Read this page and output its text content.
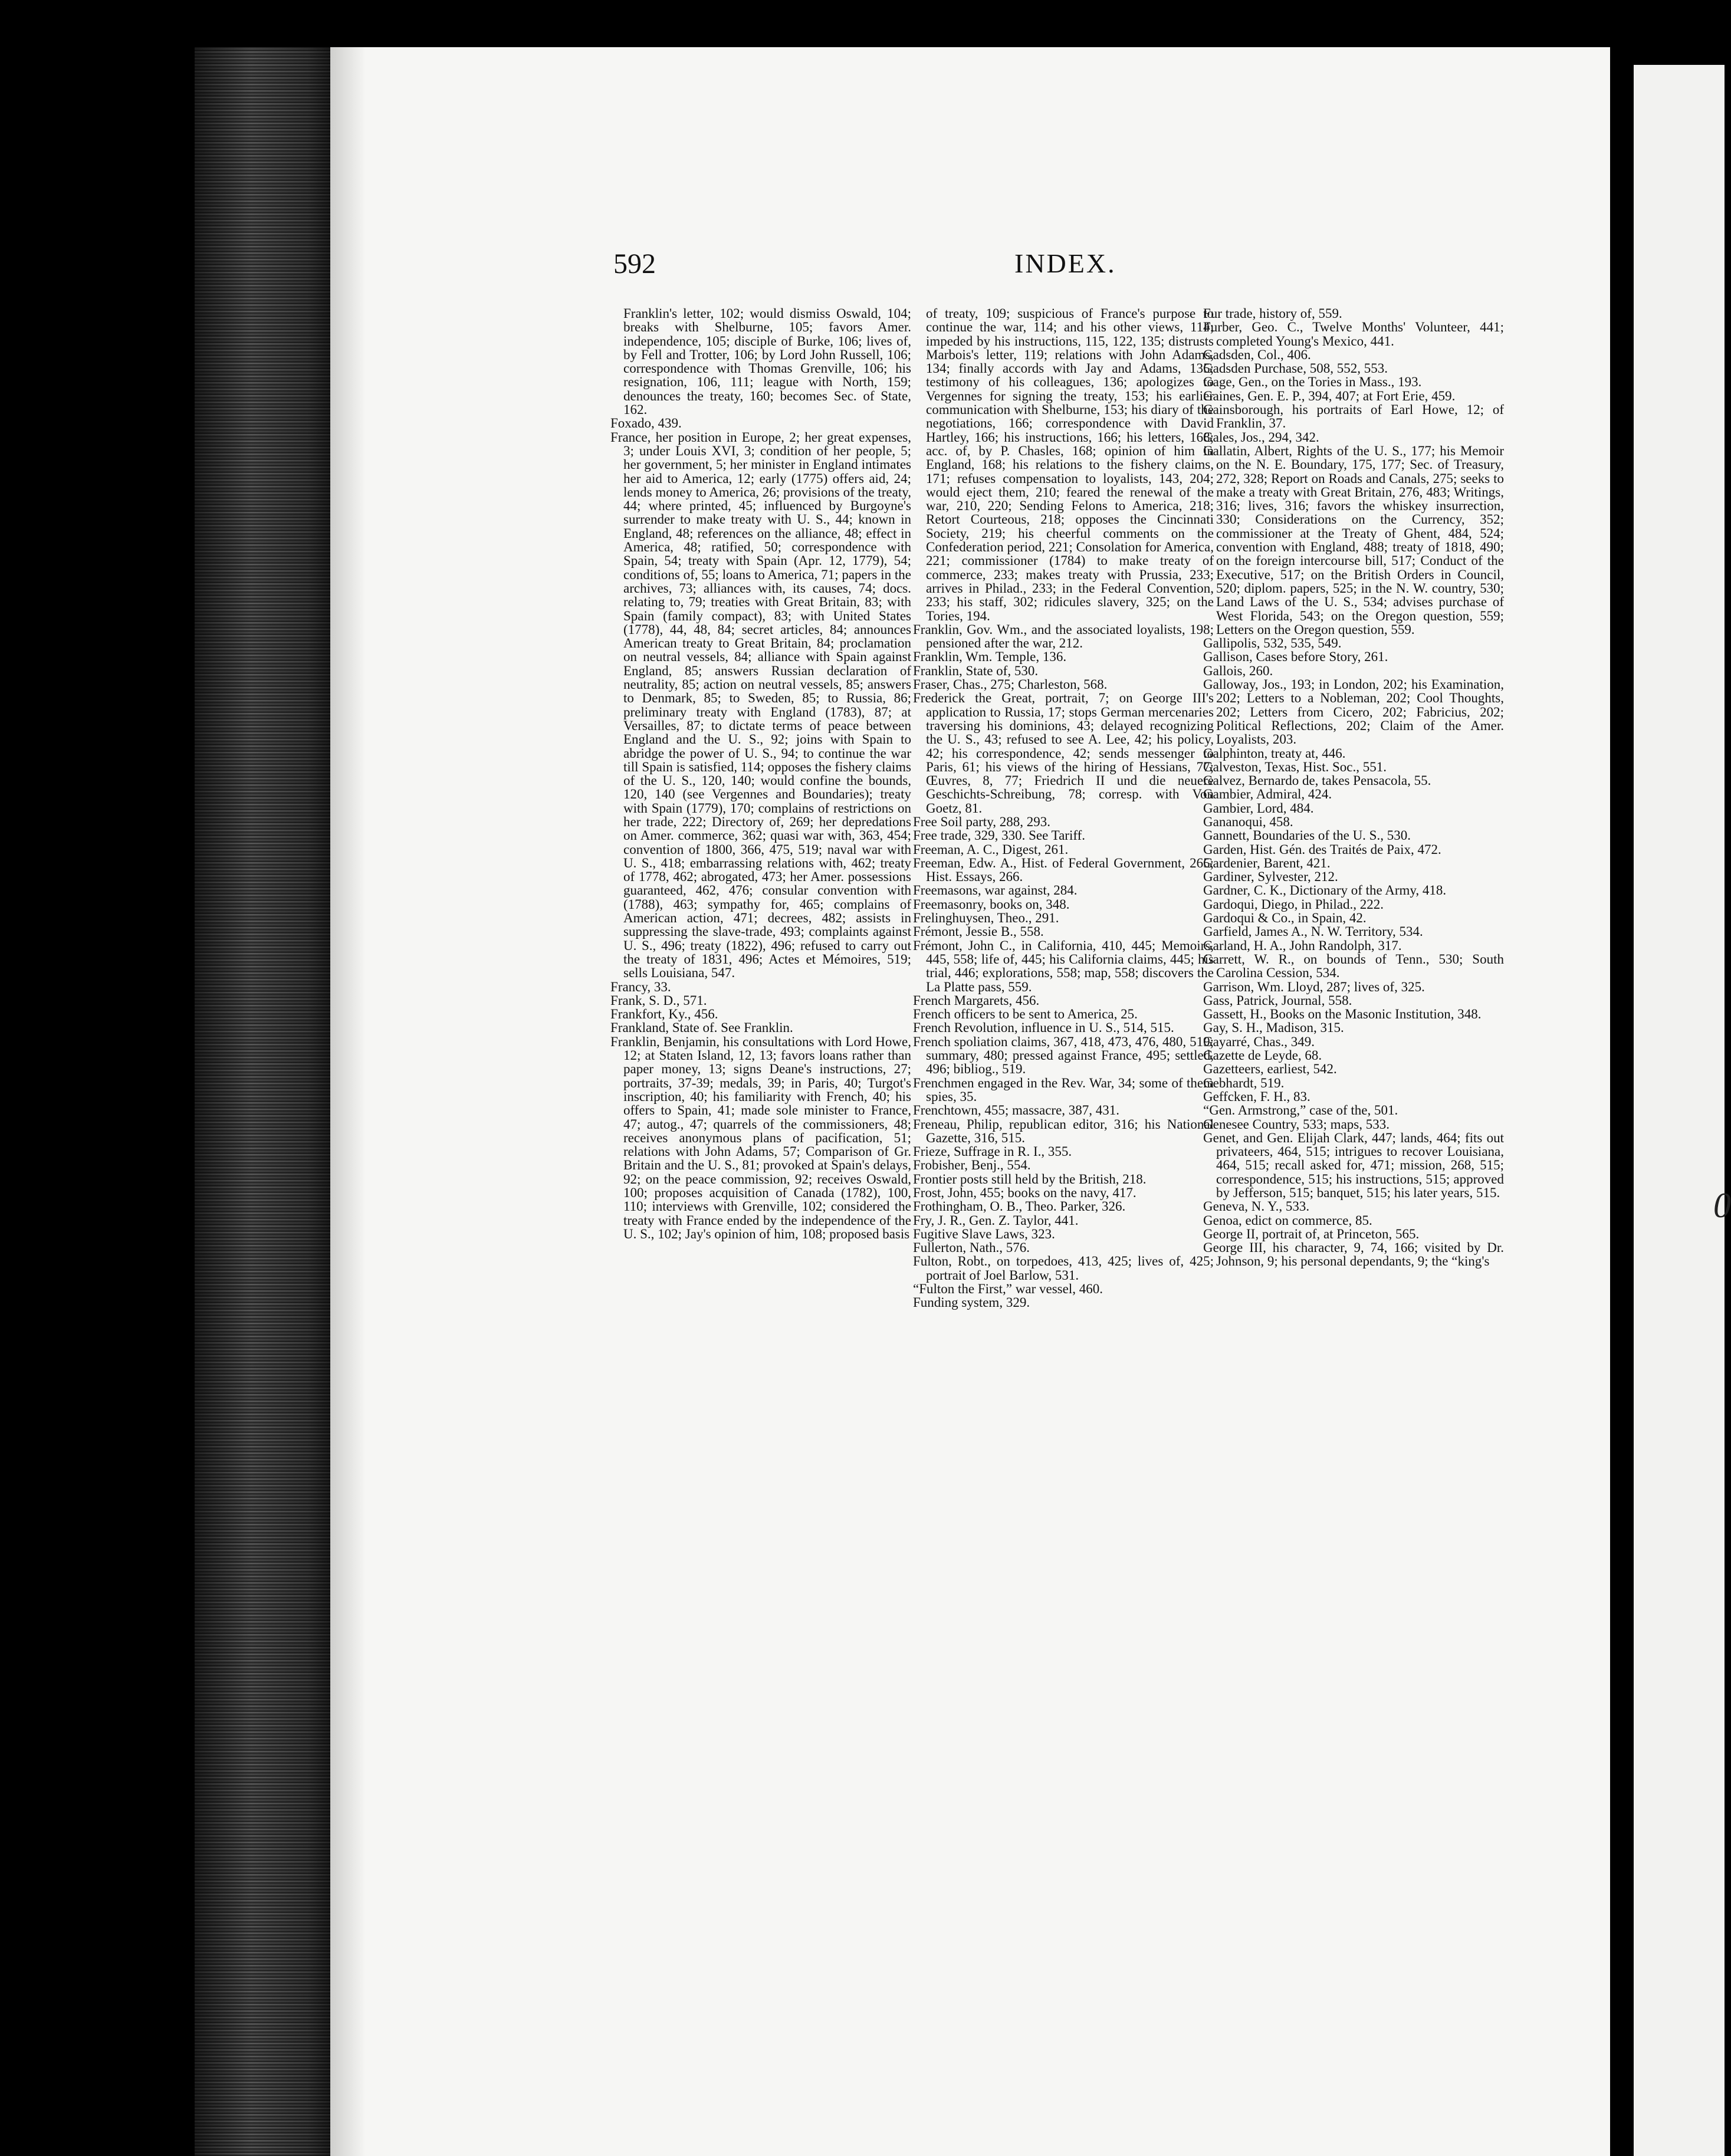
0
592	INDEX.

Franklin's letter, 102; would dismiss Oswald, 104; breaks with Shelburne, 105; favors Amer. independence, 105; disciple of Burke, 106; lives of, by Fell and Trotter, 106; by Lord John Russell, 106; correspondence with Thomas Grenville, 106; his resignation, 106, 111; league with North, 159; denounces the treaty, 160; becomes Sec. of State, 162.

Foxado, 439.

France, her position in Europe, 2; her great expenses, 3; under Louis XVI, 3; condition of her people, 5; her government, 5; her minister in England intimates her aid to America, 12; early (1775) offers aid, 24; lends money to America, 26; provisions of the treaty, 44; where printed, 45; influenced by Burgoyne's surrender to make treaty with U. S., 44; known in England, 48; references on the alliance, 48; effect in America, 48; ratified, 50; correspondence with Spain, 54; treaty with Spain (Apr. 12, 1779), 54; conditions of, 55; loans to America, 71; papers in the archives, 73; alliances with, its causes, 74; docs. relating to, 79; treaties with Great Britain, 83; with Spain (family compact), 83; with United States (1778), 44, 48, 84; secret articles, 84; announces American treaty to Great Britain, 84; proclamation on neutral vessels, 84; alliance with Spain against England, 85; answers Russian declaration of neutrality, 85; action on neutral vessels, 85; answers to Denmark, 85; to Sweden, 85; to Russia, 86; preliminary treaty with England (1783), 87; at Versailles, 87; to dictate terms of peace between England and the U. S., 92; joins with Spain to abridge the power of U. S., 94; to continue the war till Spain is satisfied, 114; opposes the fishery claims of the U. S., 120, 140; would confine the bounds, 120, 140 (see Vergennes and Boundaries); treaty with Spain (1779), 170; complains of restrictions on her trade, 222; Directory of, 269; her depredations on Amer. commerce, 362; quasi war with, 363, 454; convention of 1800, 366, 475, 519; naval war with U. S., 418; embarrassing relations with, 462; treaty of 1778, 462; abrogated, 473; her Amer. possessions guaranteed, 462, 476; consular convention with (1788), 463; sympathy for, 465; complains of American action, 471; decrees, 482; assists in suppressing the slave-trade, 493; complaints against U. S., 496; treaty (1822), 496; refused to carry out the treaty of 1831, 496; Actes et Mémoires, 519; sells Louisiana, 547.

Francy, 33.

Frank, S. D., 571.

Frankfort, Ky., 456.

Frankland, State of. See Franklin.

Franklin, Benjamin, his consultations with Lord Howe, 12; at Staten Island, 12, 13; favors loans rather than paper money, 13; signs Deane's instructions, 27; portraits, 37-39; medals, 39; in Paris, 40; Turgot's inscription, 40; his familiarity with French, 40; his offers to Spain, 41; made sole minister to France, 47; autog., 47; quarrels of the commissioners, 48; receives anonymous plans of pacification, 51; relations with John Adams, 57; Comparison of Gr. Britain and the U. S., 81; provoked at Spain's delays, 92; on the peace commission, 92; receives Oswald, 100; proposes acquisition of Canada (1782), 100, 110; interviews with Grenville, 102; considered the treaty with France ended by the independence of the U. S., 102; Jay's opinion of him, 108; proposed basis

of treaty, 109; suspicious of France's purpose to continue the war, 114; and his other views, 114; impeded by his instructions, 115, 122, 135; distrusts Marbois's letter, 119; relations with John Adams, 134; finally accords with Jay and Adams, 135; testimony of his colleagues, 136; apologizes to Vergennes for signing the treaty, 153; his earlier communication with Shelburne, 153; his diary of the negotiations, 166; correspondence with David Hartley, 166; his instructions, 166; his letters, 168; acc. of, by P. Chasles, 168; opinion of him in England, 168; his relations to the fishery claims, 171; refuses compensation to loyalists, 143, 204; would eject them, 210; feared the renewal of the war, 210, 220; Sending Felons to America, 218; Retort Courteous, 218; opposes the Cincinnati Society, 219; his cheerful comments on the Confederation period, 221; Consolation for America, 221; commissioner (1784) to make treaty of commerce, 233; makes treaty with Prussia, 233; arrives in Philad., 233; in the Federal Convention, 233; his staff, 302; ridicules slavery, 325; on the Tories, 194.

Franklin, Gov. Wm., and the associated loyalists, 198; pensioned after the war, 212.

Franklin, Wm. Temple, 136.

Franklin, State of, 530.

Fraser, Chas., 275; Charleston, 568.

Frederick the Great, portrait, 7; on George III's application to Russia, 17; stops German mercenaries traversing his dominions, 43; delayed recognizing the U. S., 43; refused to see A. Lee, 42; his policy, 42; his correspondence, 42; sends messenger to Paris, 61; his views of the hiring of Hessians, 77; Œuvres, 8, 77; Friedrich II und die neuere Geschichts-Schreibung, 78; corresp. with Von Goetz, 81.

Free Soil party, 288, 293.

Free trade, 329, 330. See Tariff.

Freeman, A. C., Digest, 261.

Freeman, Edw. A., Hist. of Federal Government, 265; Hist. Essays, 266.

Freemasons, war against, 284.

Freemasonry, books on, 348.

Frelinghuysen, Theo., 291.

Frémont, Jessie B., 558.

Frémont, John C., in California, 410, 445; Memoirs, 445, 558; life of, 445; his California claims, 445; his trial, 446; explorations, 558; map, 558; discovers the La Platte pass, 559.

French Margarets, 456.

French officers to be sent to America, 25.

French Revolution, influence in U. S., 514, 515.

French spoliation claims, 367, 418, 473, 476, 480, 519; summary, 480; pressed against France, 495; settled, 496; bibliog., 519.

Frenchmen engaged in the Rev. War, 34; some of them spies, 35.

Frenchtown, 455; massacre, 387, 431.

Freneau, Philip, republican editor, 316; his National Gazette, 316, 515.

Frieze, Suffrage in R. I., 355.

Frobisher, Benj., 554.

Frontier posts still held by the British, 218.

Frost, John, 455; books on the navy, 417.

Frothingham, O. B., Theo. Parker, 326.

Fry, J. R., Gen. Z. Taylor, 441.

Fugitive Slave Laws, 323.

Fullerton, Nath., 576.

Fulton, Robt., on torpedoes, 413, 425; lives of, 425; portrait of Joel Barlow, 531.

“Fulton the First,” war vessel, 460.

Funding system, 329.

Fur trade, history of, 559.

Furber, Geo. C., Twelve Months' Volunteer, 441; completed Young's Mexico, 441.

Gadsden, Col., 406.

Gadsden Purchase, 508, 552, 553.

Gage, Gen., on the Tories in Mass., 193.

Gaines, Gen. E. P., 394, 407; at Fort Erie, 459.

Gainsborough, his portraits of Earl Howe, 12; of Franklin, 37.

Gales, Jos., 294, 342.

Gallatin, Albert, Rights of the U. S., 177; his Memoir on the N. E. Boundary, 175, 177; Sec. of Treasury, 272, 328; Report on Roads and Canals, 275; seeks to make a treaty with Great Britain, 276, 483; Writings, 316; lives, 316; favors the whiskey insurrection, 330; Considerations on the Currency, 352; commissioner at the Treaty of Ghent, 484, 524; convention with England, 488; treaty of 1818, 490; on the foreign intercourse bill, 517; Conduct of the Executive, 517; on the British Orders in Council, 520; diplom. papers, 525; in the N. W. country, 530; Land Laws of the U. S., 534; advises purchase of West Florida, 543; on the Oregon question, 559; Letters on the Oregon question, 559.

Gallipolis, 532, 535, 549.

Gallison, Cases before Story, 261.

Gallois, 260.

Galloway, Jos., 193; in London, 202; his Examination, 202; Letters to a Nobleman, 202; Cool Thoughts, 202; Letters from Cicero, 202; Fabricius, 202; Political Reflections, 202; Claim of the Amer. Loyalists, 203.

Galphinton, treaty at, 446.

Galveston, Texas, Hist. Soc., 551.

Galvez, Bernardo de, takes Pensacola, 55.

Gambier, Admiral, 424.

Gambier, Lord, 484.

Gananoqui, 458.

Gannett, Boundaries of the U. S., 530.

Garden, Hist. Gén. des Traités de Paix, 472.

Gardenier, Barent, 421.

Gardiner, Sylvester, 212.

Gardner, C. K., Dictionary of the Army, 418.

Gardoqui, Diego, in Philad., 222.

Gardoqui & Co., in Spain, 42.

Garfield, James A., N. W. Territory, 534.

Garland, H. A., John Randolph, 317.

Garrett, W. R., on bounds of Tenn., 530; South Carolina Cession, 534.

Garrison, Wm. Lloyd, 287; lives of, 325.

Gass, Patrick, Journal, 558.

Gassett, H., Books on the Masonic Institution, 348.

Gay, S. H., Madison, 315.

Gayarré, Chas., 349.

Gazette de Leyde, 68.

Gazetteers, earliest, 542.

Gebhardt, 519.

Geffcken, F. H., 83.

“Gen. Armstrong,” case of the, 501.

Genesee Country, 533; maps, 533.

Genet, and Gen. Elijah Clark, 447; lands, 464; fits out privateers, 464, 515; intrigues to recover Louisiana, 464, 515; recall asked for, 471; mission, 268, 515; correspondence, 515; his instructions, 515; approved by Jefferson, 515; banquet, 515; his later years, 515.

Geneva, N. Y., 533.

Genoa, edict on commerce, 85.

George II, portrait of, at Princeton, 565.

George III, his character, 9, 74, 166; visited by Dr. Johnson, 9; his personal dependants, 9; the “king's
